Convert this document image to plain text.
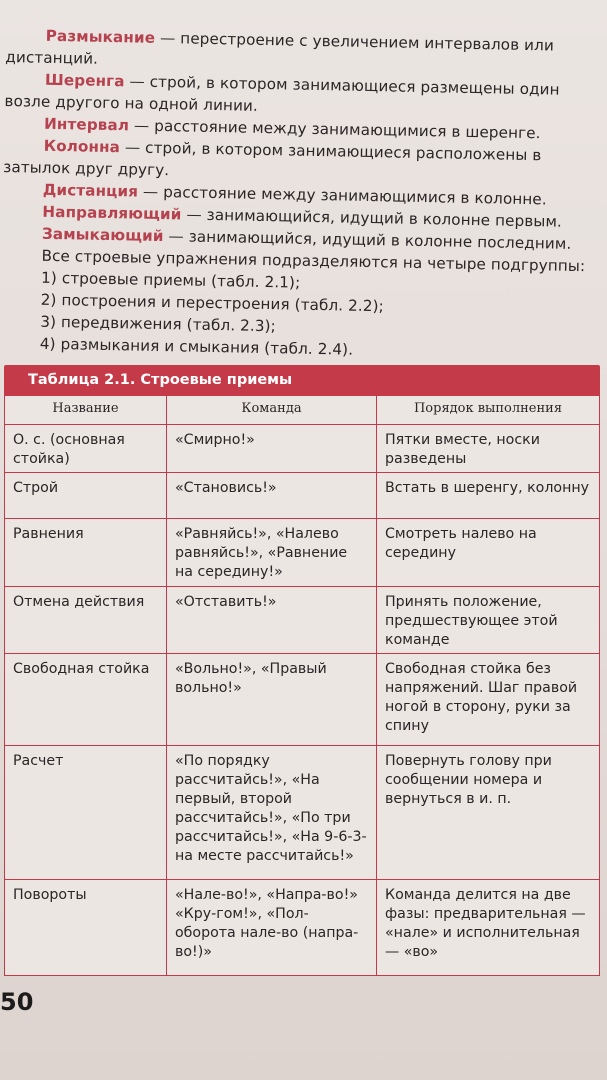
Размыкание — перестроение с увеличением интервалов или дистанций.

Шеренга — строй, в котором занимающиеся размещены один возле другого на одной линии.

Интервал — расстояние между занимающимися в шеренге.

Колонна — строй, в котором занимающиеся расположены в затылок друг другу.

Дистанция — расстояние между занимающимися в колонне.

Направляющий — занимающийся, идущий в колонне первым.

Замыкающий — занимающийся, идущий в колонне последним.

Все строевые упражнения подразделяются на четыре подгруппы:

1) строевые приемы (табл. 2.1);
2) построения и перестроения (табл. 2.2);
3) передвижения (табл. 2.3);
4) размыкания и смыкания (табл. 2.4).
Таблица 2.1. Строевые приемы
Название	Команда	Порядок выполнения
О. с. (основная стойка)	«Смирно!»	Пятки вместе, носки разведены
Строй	«Становись!»	Встать в шеренгу, колонну
Равнения	«Равняйсь!», «Налево равняйсь!», «Равнение на середину!»	Смотреть налево на середину
Отмена действия	«Отставить!»	Принять положение, предшествующее этой команде
Свободная стойка	«Вольно!», «Правый вольно!»	Свободная стойка без напряжений. Шаг правой ногой в сторону, руки за спину
Расчет	«По порядку рассчитайсь!», «На первый, второй рассчитайсь!», «По три рассчитайсь!», «На 9-6-3- на месте рассчитайсь!»	Повернуть голову при сообщении номера и вернуться в и. п.
Повороты	«Нале-во!», «Напра-во!» «Кру-гом!», «Пол-оборота нале-во (напра-во!)»	Команда делится на две фазы: предварительная — «нале» и исполнительная — «во»
50
